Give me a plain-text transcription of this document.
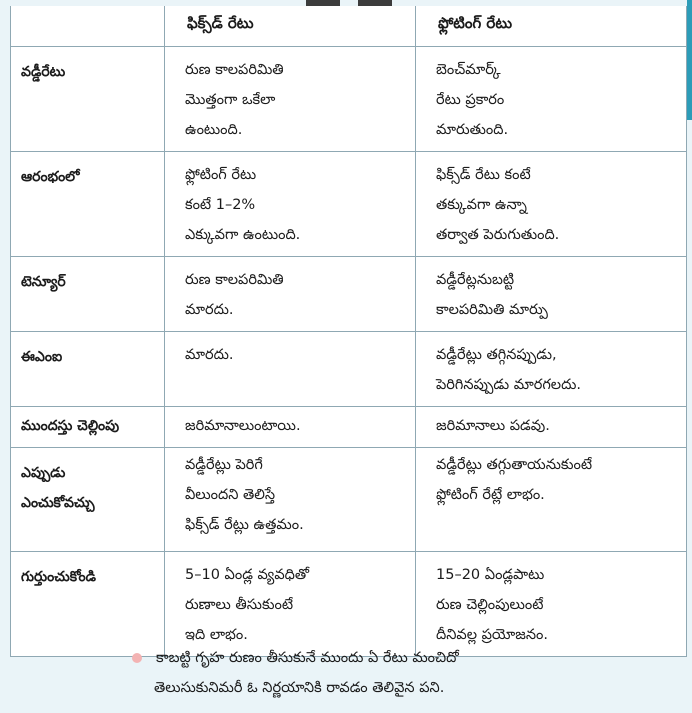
	ఫిక్స్‌డ్ రేటు	ఫ్లోటింగ్ రేటు
వడ్డీరేటు	రుణ కాలపరిమితి
మొత్తంగా ఒకేలా
ఉంటుంది.	బెంచ్‌మార్క్
రేటు ప్రకారం
మారుతుంది.

ఆరంభంలో	ఫ్లోటింగ్ రేటు
కంటే 1–2%
ఎక్కువగా ఉంటుంది.	ఫిక్స్‌డ్ రేటు కంటే
తక్కువగా ఉన్నా
తర్వాత పెరుగుతుంది.

టెన్యూర్	రుణ కాలపరిమితి
మారదు.	వడ్డీరేట్లనుబట్టి
కాలపరిమితి మార్పు

ఈఎంఐ	మారదు.	వడ్డీరేట్లు తగ్గినప్పుడు,
పెరిగినప్పుడు మారగలదు.

ముందస్తు చెల్లింపు	జరిమానాలుంటాయి.	జరిమానాలు పడవు.

ఎప్పుడు
ఎంచుకోవచ్చు	వడ్డీరేట్లు పెరిగే
వీలుందని తెలిస్తే
ఫిక్స్‌డ్ రేట్లు ఉత్తమం.	వడ్డీరేట్లు తగ్గుతాయనుకుంటే
ఫ్లోటింగ్ రేట్లే లాభం.

గుర్తుంచుకోండి	5–10 ఏండ్ల వ్యవధితో
రుణాలు తీసుకుంటే
ఇది లాభం.	15–20 ఏండ్లపాటు
రుణ చెల్లింపులుంటే
దీనివల్ల ప్రయోజనం.
కాబట్టి గృహ రుణం తీసుకునే ముందు ఏ రేటు మంచిదో
తెలుసుకునిమరీ ఓ నిర్ణయానికి రావడం తెలివైన పని.
